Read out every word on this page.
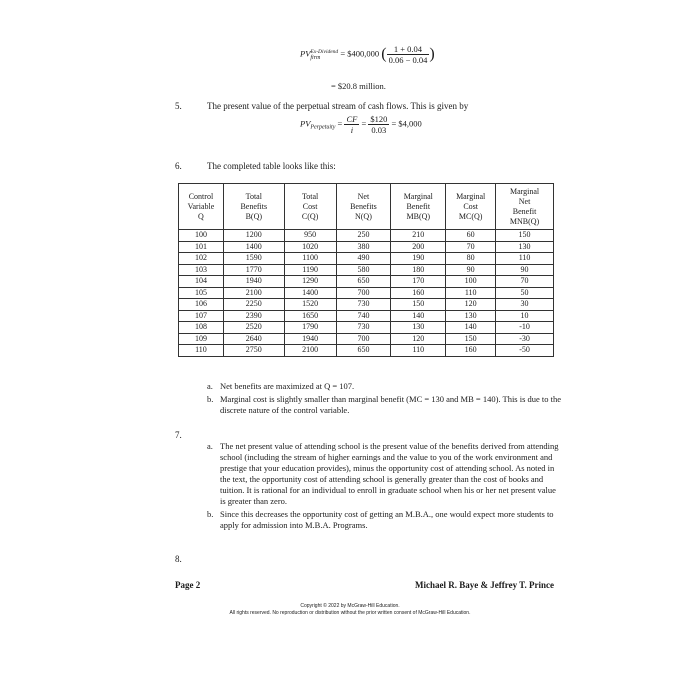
PV Ex-Dividend
firm	= $400,000 ( $\frac{1 + 0.04}{0.06 - 0.04}$ )
= $20.8 million.
5.	The present value of the perpetual stream of cash flows. This is given by
$PV_{Perpetuity} = \frac{CF}{i} = \frac{\$120}{0.03}$ = $4,000
6.	The completed table looks like this:
Control
Variable
Q	Total
Benefits
B(Q)	Total
Cost
C(Q)	Net
Benefits
N(Q)	Marginal
Benefit
MB(Q)	Marginal
Cost
MC(Q)	Marginal
Net
Benefit
MNB(Q)
100	1200	950	250	210	60	150
101	1400	1020	380	200	70	130
102	1590	1100	490	190	80	110
103	1770	1190	580	180	90	90
104	1940	1290	650	170	100	70
105	2100	1400	700	160	110	50
106	2250	1520	730	150	120	30
107	2390	1650	740	140	130	10
108	2520	1790	730	130	140	-10
109	2640	1940	700	120	150	-30
110	2750	2100	650	110	160	-50
a. Net benefits are maximized at Q = 107.
b. Marginal cost is slightly smaller than marginal benefit (MC = 130 and MB = 140). This is due to the discrete nature of the control variable.
7.
a. The net present value of attending school is the present value of the benefits derived from attending school (including the stream of higher earnings and the value to you of the work environment and prestige that your education provides), minus the opportunity cost of attending school. As noted in the text, the opportunity cost of attending school is generally greater than the cost of books and tuition. It is rational for an individual to enroll in graduate school when his or her net present value is greater than zero.
b. Since this decreases the opportunity cost of getting an M.B.A., one would expect more students to apply for admission into M.B.A. Programs.
8.
Page 2	Michael R. Baye & Jeffrey T. Prince
Copyright © 2022 by McGraw-Hill Education.
All rights reserved. No reproduction or distribution without the prior written consent of McGraw-Hill Education.
